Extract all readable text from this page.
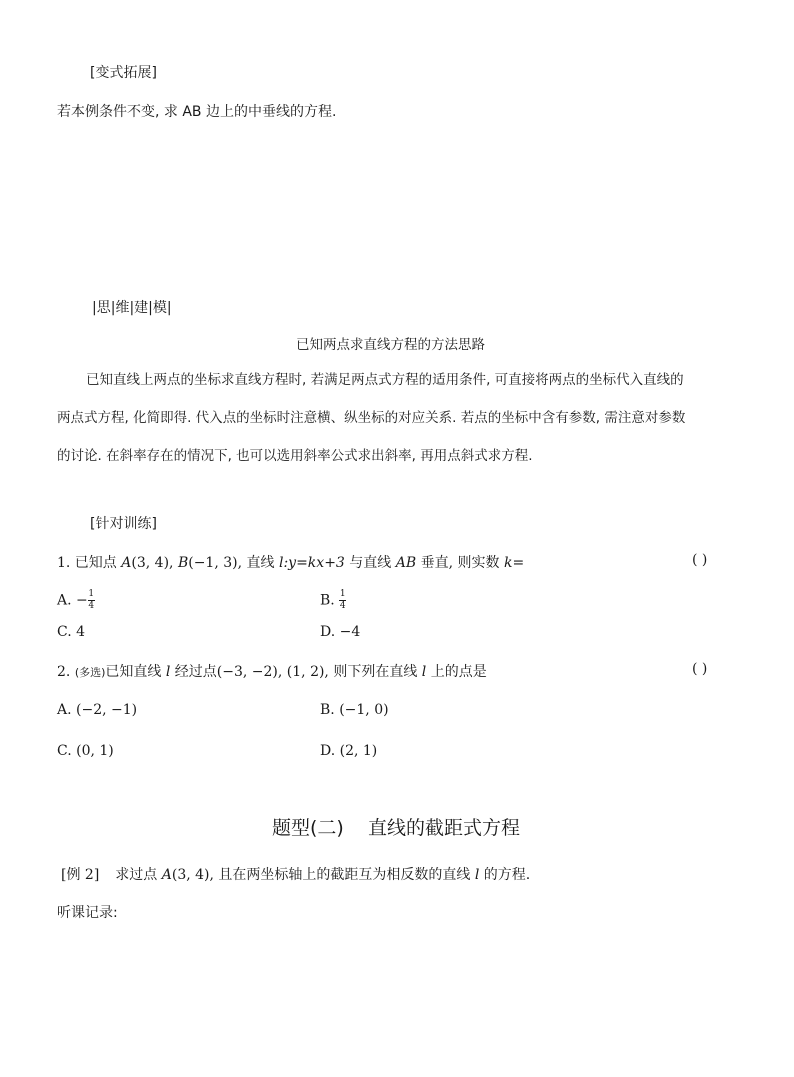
[变式拓展]
若本例条件不变, 求 AB 边上的中垂线的方程.
|思|维|建|模|
已知两点求直线方程的方法思路
已知直线上两点的坐标求直线方程时, 若满足两点式方程的适用条件, 可直接将两点的坐标代入直线的
两点式方程, 化简即得. 代入点的坐标时注意横、纵坐标的对应关系. 若点的坐标中含有参数, 需注意对参数
的讨论. 在斜率存在的情况下, 也可以选用斜率公式求出斜率, 再用点斜式求方程.
[针对训练]
1. 已知点 A(3, 4), B(−1, 3), 直线 l:y=kx+3 与直线 AB 垂直, 则实数 k=	( )
A. − $\frac{1}{4}$	B. $\frac{1}{4}$
C. 4	D. −4
2. (多选)已知直线 l 经过点(−3, −2), (1, 2), 则下列在直线 l 上的点是	( )
A. (−2, −1)	B. (−1, 0)
C. (0, 1)	D. (2, 1)
题型(二)    直线的截距式方程
[例 2] 求过点 A(3, 4), 且在两坐标轴上的截距互为相反数的直线 l 的方程.
听课记录:
